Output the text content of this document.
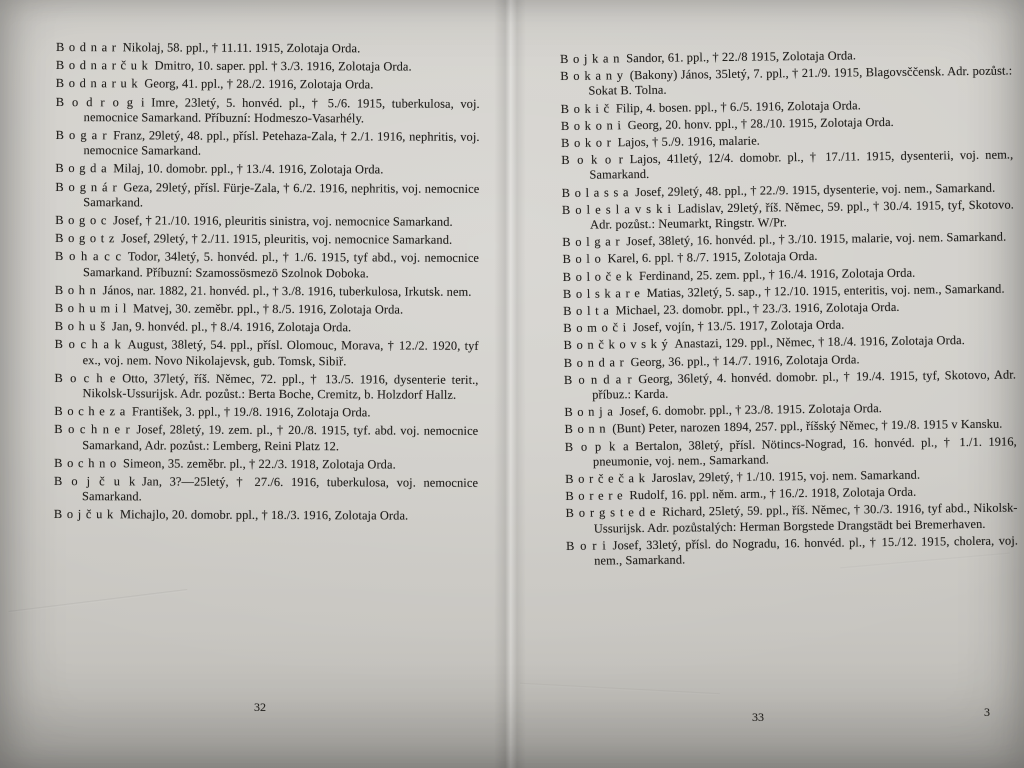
B o d n a r Nikolaj, 58. ppl., † 11.11. 1915, Zolotaja Orda.

B o d n a r č u k Dmitro, 10. saper. ppl. † 3./3. 1916, Zolotaja Orda.

B o d n a r u k Georg, 41. ppl., † 28./2. 1916, Zolotaja Orda.

B o d r o g i Imre, 23letý, 5. honvéd. pl., † 5./6. 1915, tuberkulosa, voj. nemocnice Samarkand. Příbuzní: Hodmeszo-Vasarhély.

B o g a r Franz, 29letý, 48. ppl., přísl. Petehaza-Zala, † 2./1. 1916, nephritis, voj. nemocnice Samarkand.

B o g d a Milaj, 10. domobr. ppl., † 13./4. 1916, Zolotaja Orda.

B o g n á r Geza, 29letý, přísl. Fürje-Zala, † 6./2. 1916, nephritis, voj. nemocnice Samarkand.

B o g o c Josef, † 21./10. 1916, pleuritis sinistra, voj. nemocnice Samarkand.

B o g o t z Josef, 29letý, † 2./11. 1915, pleuritis, voj. nemocnice Samarkand.

B o h a c c Todor, 34letý, 5. honvéd. pl., † 1./6. 1915, tyf abd., voj. nemocnice Samarkand. Příbuzní: Szamossösmezö Szolnok Doboka.

B o h n János, nar. 1882, 21. honvéd. pl., † 3./8. 1916, tuberkulosa, Irkutsk. nem.

B o h u m i l Matvej, 30. zeměbr. ppl., † 8./5. 1916, Zolotaja Orda.

B o h u š Jan, 9. honvéd. pl., † 8./4. 1916, Zolotaja Orda.

B o c h a k August, 38letý, 54. ppl., přísl. Olomouc, Morava, † 12./2. 1920, tyf ex., voj. nem. Novo Nikolajevsk, gub. Tomsk, Sibiř.

B o c h e Otto, 37letý, říš. Němec, 72. ppl., † 13./5. 1916, dysenterie terit., Nikolsk-Ussurijsk. Adr. pozůst.: Berta Boche, Cremitz, b. Holzdorf Hallz.

B o c h e z a František, 3. ppl., † 19./8. 1916, Zolotaja Orda.

B o c h n e r Josef, 28letý, 19. zem. pl., † 20./8. 1915, tyf. abd. voj. nemocnice Samarkand, Adr. pozůst.: Lemberg, Reini Platz 12.

B o c h n o Simeon, 35. zeměbr. pl., † 22./3. 1918, Zolotaja Orda.

B o j č u k Jan, 3?—25letý, † 27./6. 1916, tuberkulosa, voj. nemocnice Samarkand.

B o j č u k Michajlo, 20. domobr. ppl., † 18./3. 1916, Zolotaja Orda.

32

B o j k a n Sandor, 61. ppl., † 22./8 1915, Zolotaja Orda.

B o k a n y (Bakony) János, 35letý, 7. ppl., † 21./9. 1915, Blagovsččensk. Adr. pozůst.: Sokat B. Tolna.

B o k i č Filip, 4. bosen. ppl., † 6./5. 1916, Zolotaja Orda.

B o k o n i Georg, 20. honv. ppl., † 28./10. 1915, Zolotaja Orda.

B o k o r Lajos, † 5./9. 1916, malarie.

B o k o r Lajos, 41letý, 12/4. domobr. pl., † 17./11. 1915, dysenterii, voj. nem., Samarkand.

B o l a s s a Josef, 29letý, 48. ppl., † 22./9. 1915, dysenterie, voj. nem., Samarkand.

B o l e s l a v s k i Ladislav, 29letý, říš. Němec, 59. ppl., † 30./4. 1915, tyf, Skotovo. Adr. pozůst.: Neumarkt, Ringstr. W/Pr.

B o l g a r Josef, 38letý, 16. honvéd. pl., † 3./10. 1915, malarie, voj. nem. Samarkand.

B o l o Karel, 6. ppl. † 8./7. 1915, Zolotaja Orda.

B o l o č e k Ferdinand, 25. zem. ppl., † 16./4. 1916, Zolotaja Orda.

B o l s k a r e Matias, 32letý, 5. sap., † 12./10. 1915, enteritis, voj. nem., Samarkand.

B o l t a Michael, 23. domobr. ppl., † 23./3. 1916, Zolotaja Orda.

B o m o č i Josef, vojín, † 13./5. 1917, Zolotaja Orda.

B o n č k o v s k ý Anastazi, 129. ppl., Němec, † 18./4. 1916, Zolotaja Orda.

B o n d a r Georg, 36. ppl., † 14./7. 1916, Zolotaja Orda.

B o n d a r Georg, 36letý, 4. honvéd. domobr. pl., † 19./4. 1915, tyf, Skotovo, Adr. příbuz.: Karda.

B o n j a Josef, 6. domobr. ppl., † 23./8. 1915. Zolotaja Orda.

B o n n (Bunt) Peter, narozen 1894, 257. ppl., říšský Němec, † 19./8. 1915 v Kansku.

B o p k a Bertalon, 38letý, přísl. Nötincs-Nograd, 16. honvéd. pl., † 1./1. 1916, pneumonie, voj. nem., Samarkand.

B o r č e č a k Jaroslav, 29letý, † 1./10. 1915, voj. nem. Samarkand.

B o r e r e Rudolf, 16. ppl. něm. arm., † 16./2. 1918, Zolotaja Orda.

B o r g s t e d e Richard, 25letý, 59. ppl., říš. Němec, † 30./3. 1916, tyf abd., Nikolsk-Ussurijsk. Adr. pozůstalých: Herman Borgstede Drangstädt bei Bremerhaven.

B o r i Josef, 33letý, přísl. do Nogradu, 16. honvéd. pl., † 15./12. 1915, cholera, voj. nem., Samarkand.

33	3
